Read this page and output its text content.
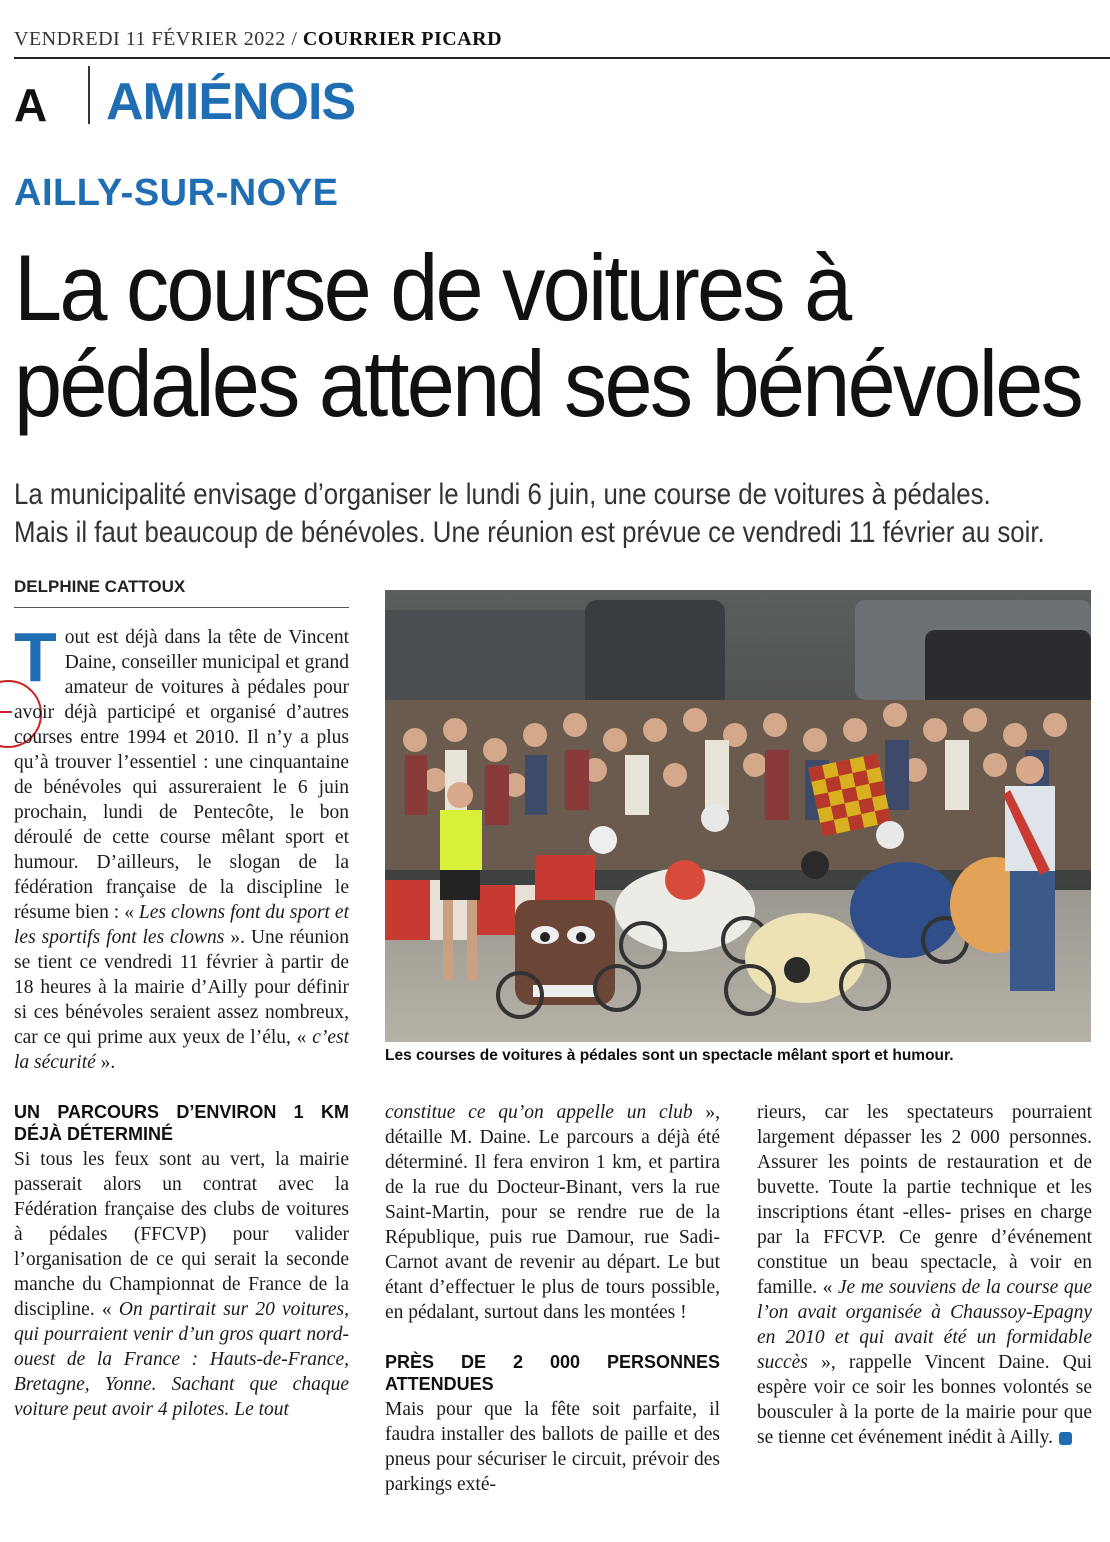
VENDREDI 11 FÉVRIER 2022 / COURRIER PICARD
A AMIÉNOIS
AILLY-SUR-NOYE
La course de voitures à
pédales attend ses bénévoles
La municipalité envisage d’organiser le lundi 6 juin, une course de voitures à pédales.
Mais il faut beaucoup de bénévoles. Une réunion est prévue ce vendredi 11 février au soir.
DELPHINE CATTOUX

Tout est déjà dans la tête de Vincent Daine, conseiller municipal et grand amateur de voitures à pédales pour avoir déjà participé et organisé d’autres courses entre 1994 et 2010. Il n’y a plus qu’à trouver l’essentiel : une cinquantaine de bénévoles qui assureraient le 6 juin prochain, lundi de Pentecôte, le bon déroulé de cette course mêlant sport et humour. D’ailleurs, le slogan de la fédération française de la discipline le résume bien : « Les clowns font du sport et les sportifs font les clowns ». Une réunion se tient ce vendredi 11 février à partir de 18 heures à la mairie d’Ailly pour définir si ces bénévoles seraient assez nombreux, car ce qui prime aux yeux de l’élu, « c’est la sécurité ».

UN PARCOURS D’ENVIRON 1 KM DÉJÀ DÉTERMINÉ

Si tous les feux sont au vert, la mairie passerait alors un contrat avec la Fédération française des clubs de voitures à pédales (FFCVP) pour valider l’organisation de ce qui serait la seconde manche du Championnat de France de la discipline. « On partirait sur 20 voitures, qui pourraient venir d’un gros quart nord-ouest de la France : Hauts-de-France, Bretagne, Yonne. Sachant que chaque voiture peut avoir 4 pilotes. Le tout

Les courses de voitures à pédales sont un spectacle mêlant sport et humour.

constitue ce qu’on appelle un club », détaille M. Daine. Le parcours a déjà été déterminé. Il fera environ 1 km, et partira de la rue du Docteur-Binant, vers la rue Saint-Martin, pour se rendre rue de la République, puis rue Damour, rue Sadi-Carnot avant de revenir au départ. Le but étant d’effectuer le plus de tours possible, en pédalant, surtout dans les montées !

PRÈS DE 2 000 PERSONNES ATTENDUES

Mais pour que la fête soit parfaite, il faudra installer des ballots de paille et des pneus pour sécuriser le circuit, prévoir des parkings exté-

rieurs, car les spectateurs pourraient largement dépasser les 2 000 personnes. Assurer les points de restauration et de buvette. Toute la partie technique et les inscriptions étant -elles- prises en charge par la FFCVP. Ce genre d’événement constitue un beau spectacle, à voir en famille. « Je me souviens de la course que l’on avait organisée à Chaussoy-Epagny en 2010 et qui avait été un formidable succès », rappelle Vincent Daine. Qui espère voir ce soir les bonnes volontés se bousculer à la porte de la mairie pour que se tienne cet événement inédit à Ailly.
